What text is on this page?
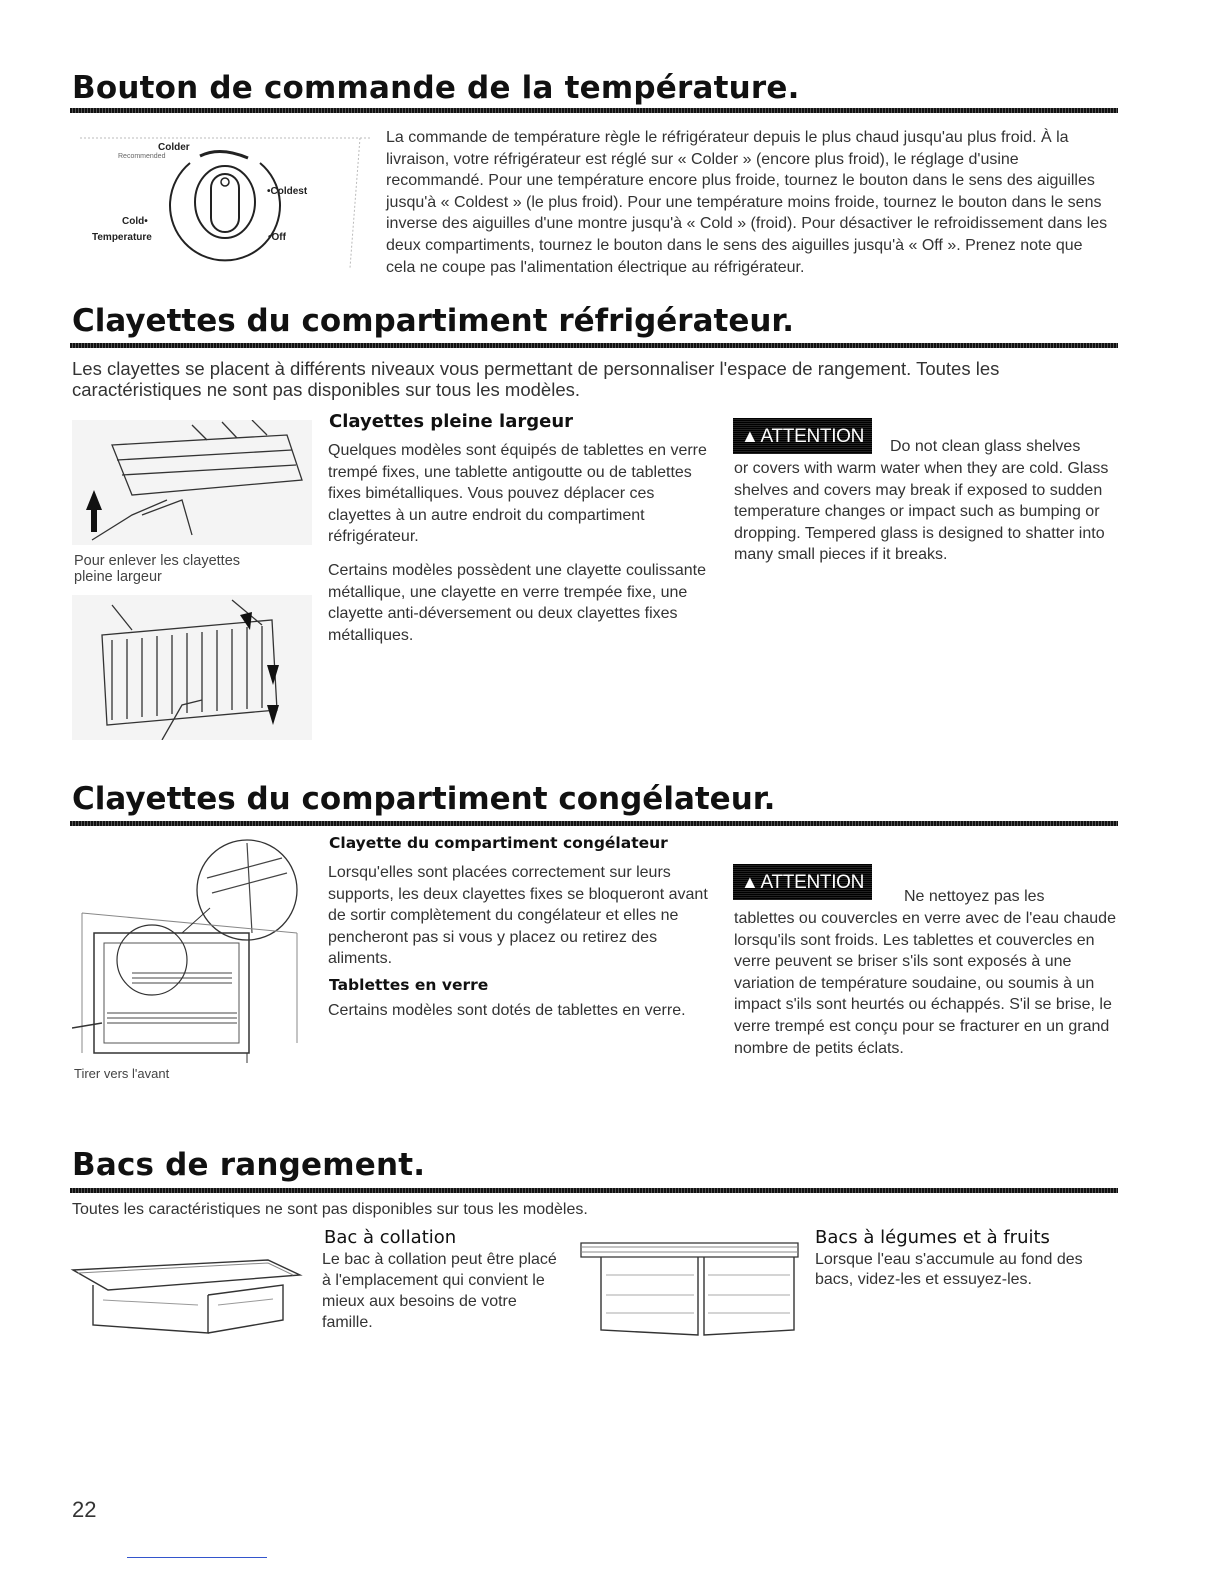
Bouton de commande de la température.
Colder
Recommended
•Coldest
Cold•
Temperature	•Off

La commande de température règle le réfrigérateur depuis le plus chaud jusqu'au plus froid. À la livraison, votre réfrigérateur est réglé sur « Colder » (encore plus froid), le réglage d'usine recommandé. Pour une température encore plus froide, tournez le bouton dans le sens des aiguilles jusqu'à « Coldest » (le plus froid). Pour une température moins froide, tournez le bouton dans le sens inverse des aiguilles d'une montre jusqu'à « Cold » (froid). Pour désactiver le refroidissement dans les deux compartiments, tournez le bouton dans le sens des aiguilles jusqu'à « Off ». Prenez note que cela ne coupe pas l'alimentation électrique au réfrigérateur.

Clayettes du compartiment réfrigérateur.

Les clayettes se placent à différents niveaux vous permettant de personnaliser l'espace de rangement. Toutes les caractéristiques ne sont pas disponibles sur tous les modèles.

Pour enlever les clayettes pleine largeur

Clayettes pleine largeur

Quelques modèles sont équipés de tablettes en verre trempé fixes, une tablette antigoutte ou de tablettes fixes bimétalliques. Vous pouvez déplacer ces clayettes à un autre endroit du compartiment réfrigérateur.

Certains modèles possèdent une clayette coulissante métallique, une clayette en verre trempée fixe, une clayette anti-déversement ou deux clayettes fixes métalliques.

▲ ATTENTION	Do not clean glass shelves

or covers with warm water when they are cold. Glass shelves and covers may break if exposed to sudden temperature changes or impact such as bumping or dropping. Tempered glass is designed to shatter into many small pieces if it breaks.

Clayettes du compartiment congélateur.

Tirer vers l'avant

Clayette du compartiment congélateur

Lorsqu'elles sont placées correctement sur leurs supports, les deux clayettes fixes se bloqueront avant de sortir complètement du congélateur et elles ne pencheront pas si vous y placez ou retirez des aliments.

Tablettes en verre

Certains modèles sont dotés de tablettes en verre.

▲ ATTENTION
Ne nettoyez pas les

tablettes ou couvercles en verre avec de l'eau chaude lorsqu'ils sont froids. Les tablettes et couvercles en verre peuvent se briser s'ils sont exposés à une variation de température soudaine, ou soumis à un impact s'ils sont heurtés ou échappés. S'il se brise, le verre trempé est conçu pour se fracturer en un grand nombre de petits éclats.

Bacs de rangement.

Toutes les caractéristiques ne sont pas disponibles sur tous les modèles.

Bac à collation

Le bac à collation peut être placé à l'emplacement qui convient le mieux aux besoins de votre famille.

Bacs à légumes et à fruits

Lorsque l'eau s'accumule au fond des bacs, videz-les et essuyez-les.

22
